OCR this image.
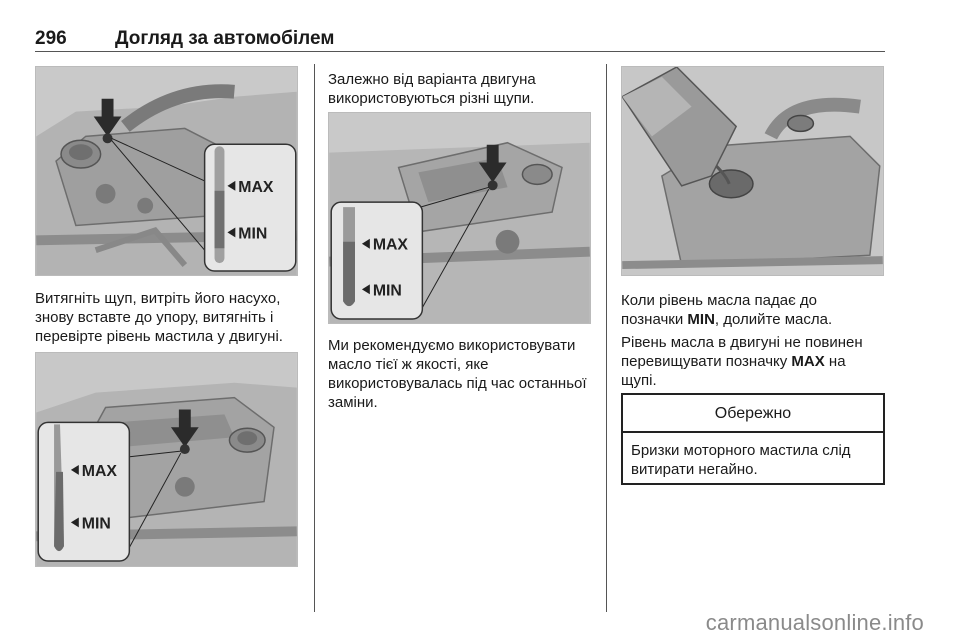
296	Догляд за автомобілем
MAX
MIN
Витягніть щуп, витріть його насухо, знову вставте до упору, витягніть і перевірте рівень мастила у двигуні.
MAX
MIN
Залежно від варіанта двигуна використовуються різні щупи.
MAX
MIN
Ми рекомендуємо використовувати масло тієї ж якості, яке використовувалась під час останньої заміни.
Коли рівень масла падає до позначки MIN, долийте масла.
Рівень масла в двигуні не повинен перевищувати позначку MAX на щупі.
Обережно
Бризки моторного мастила слід витирати негайно.
carmanualsonline.info
